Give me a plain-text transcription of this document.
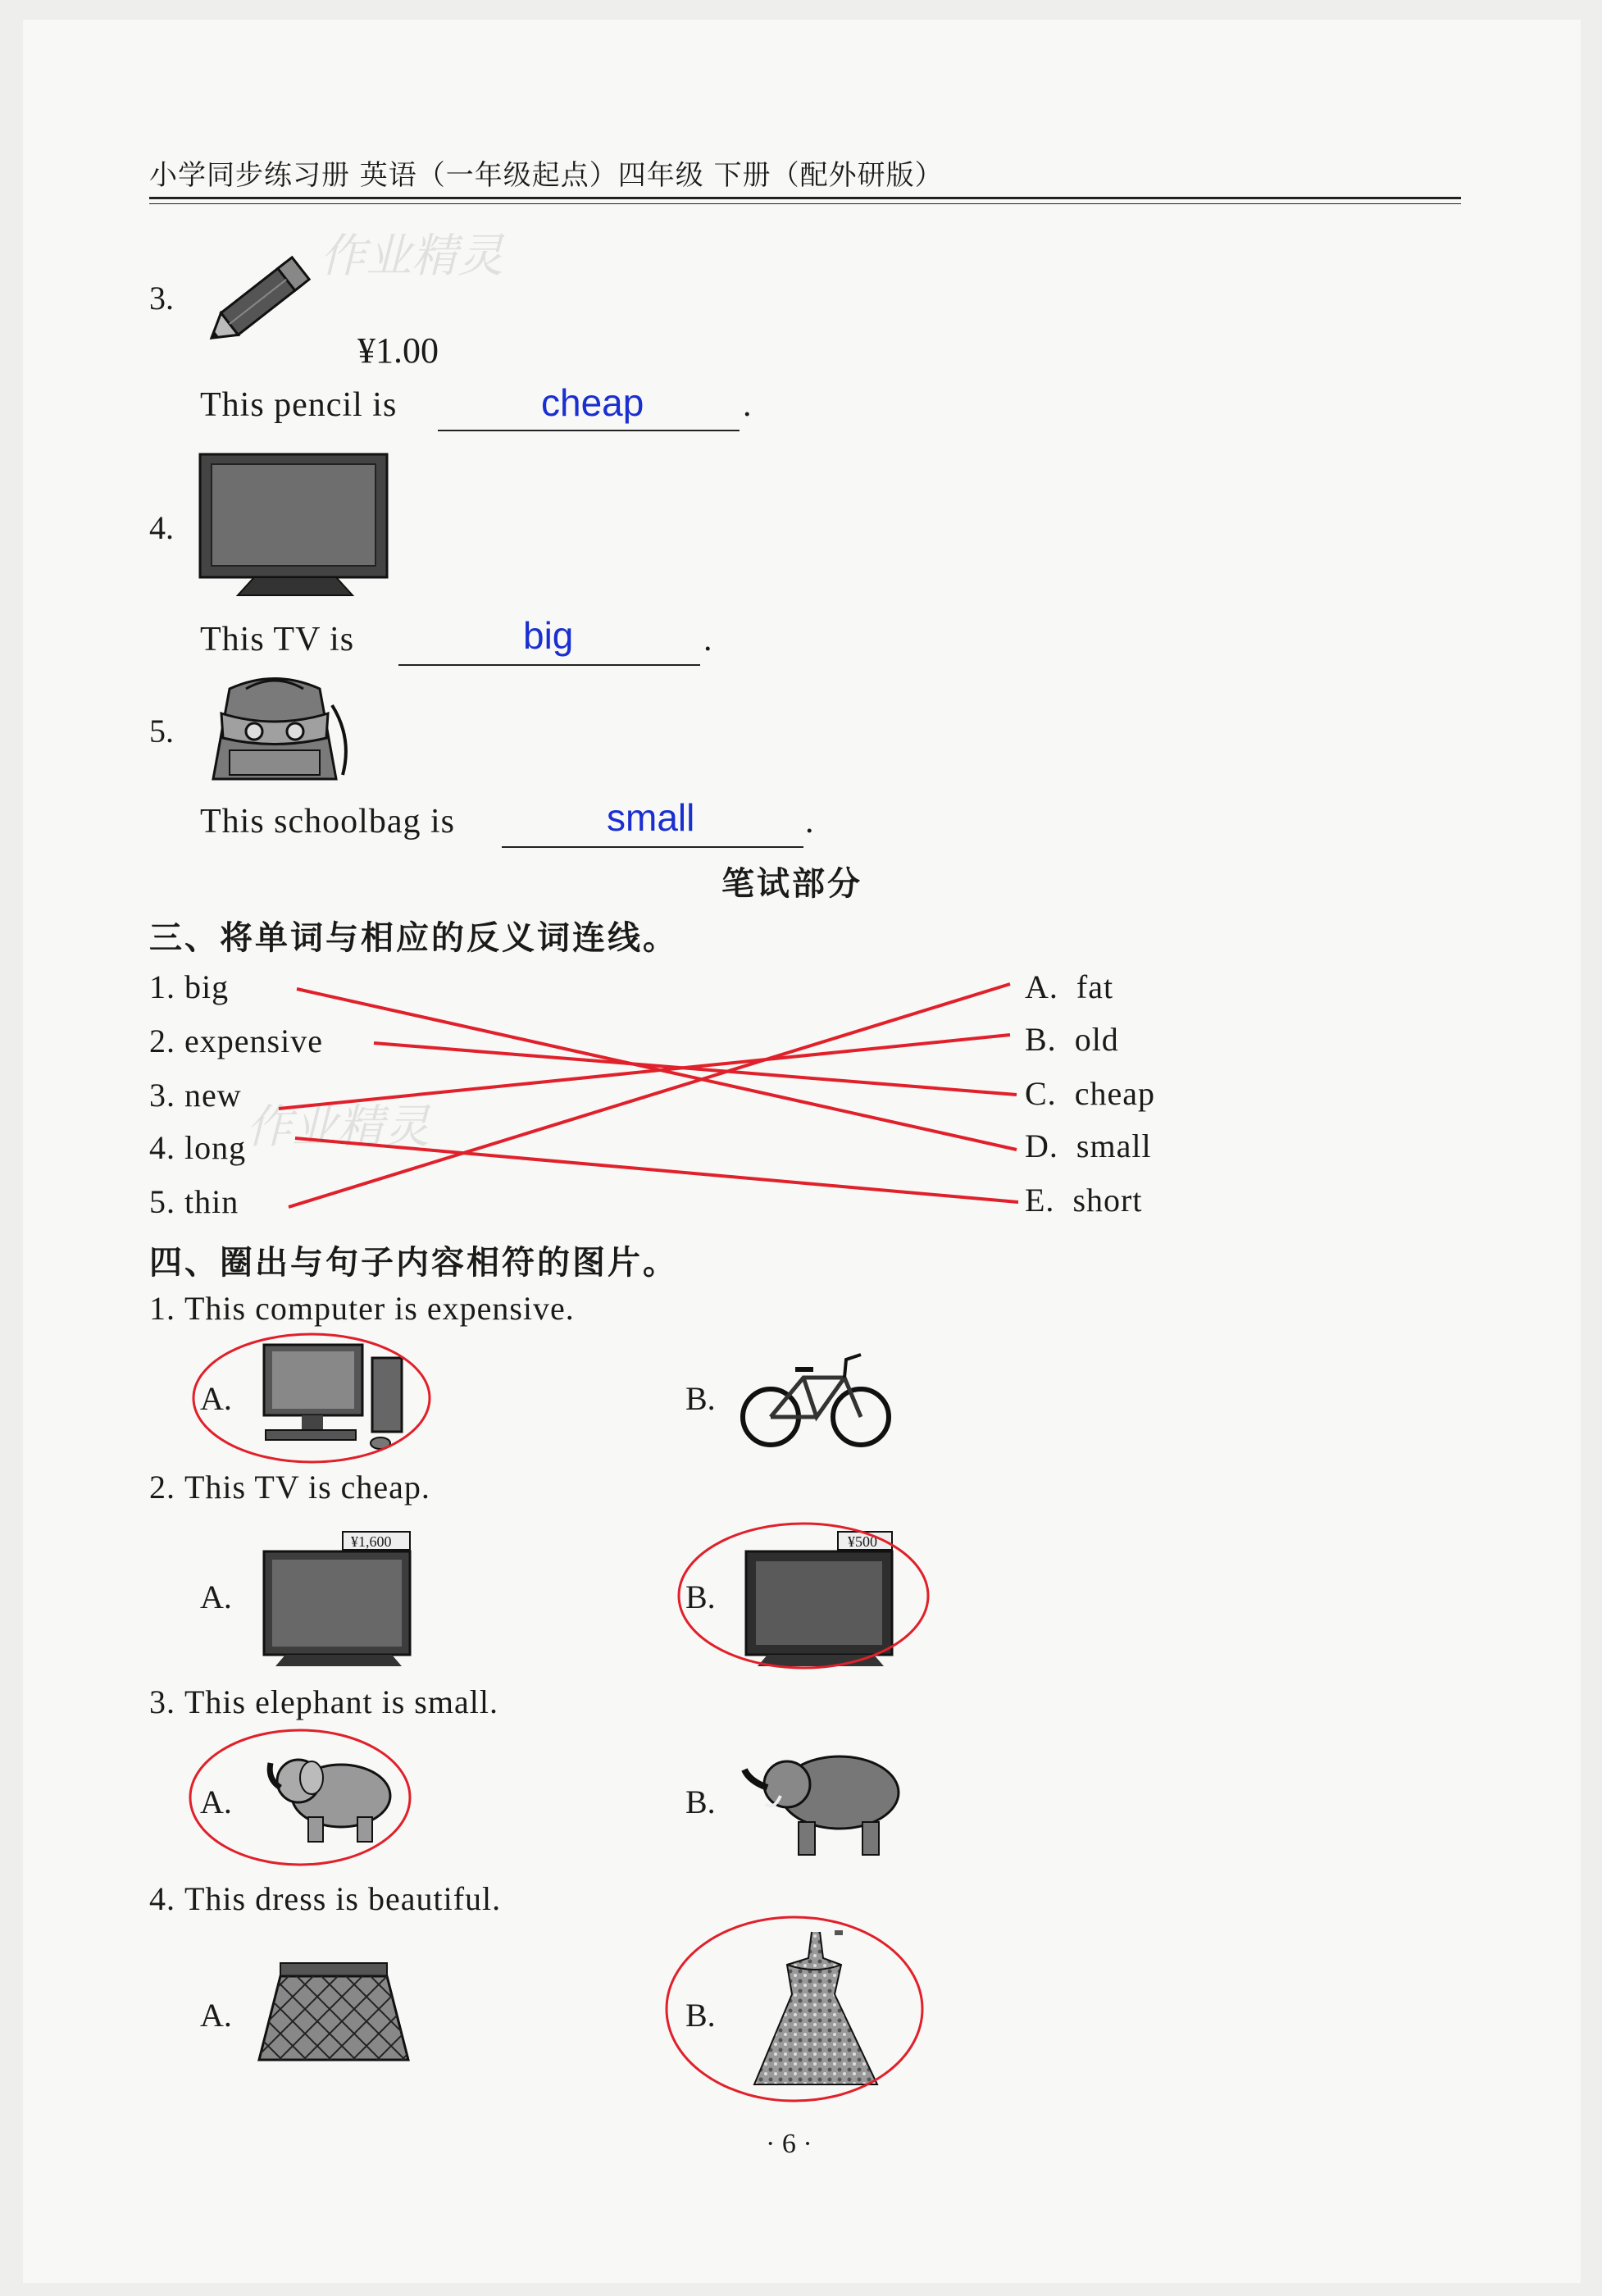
小学同步练习册 英语（一年级起点）四年级 下册（配外研版）
作业精灵
作业精灵
3.
¥1.00
This pencil is	cheap	.
4.
This TV is	big	.
5.
This schoolbag is	small	.
笔试部分
三、将单词与相应的反义词连线。
1. big
2. expensive
3. new
4. long
5. thin
A. fat
B. old
C. cheap
D. small
E. short
四、圈出与句子内容相符的图片。
1. This computer is expensive.
A.	B.
2. This TV is cheap.
A.
¥1,600
B.
¥500
3. This elephant is small.
A.	B.
4. This dress is beautiful.
A.	B.
· 6 ·
